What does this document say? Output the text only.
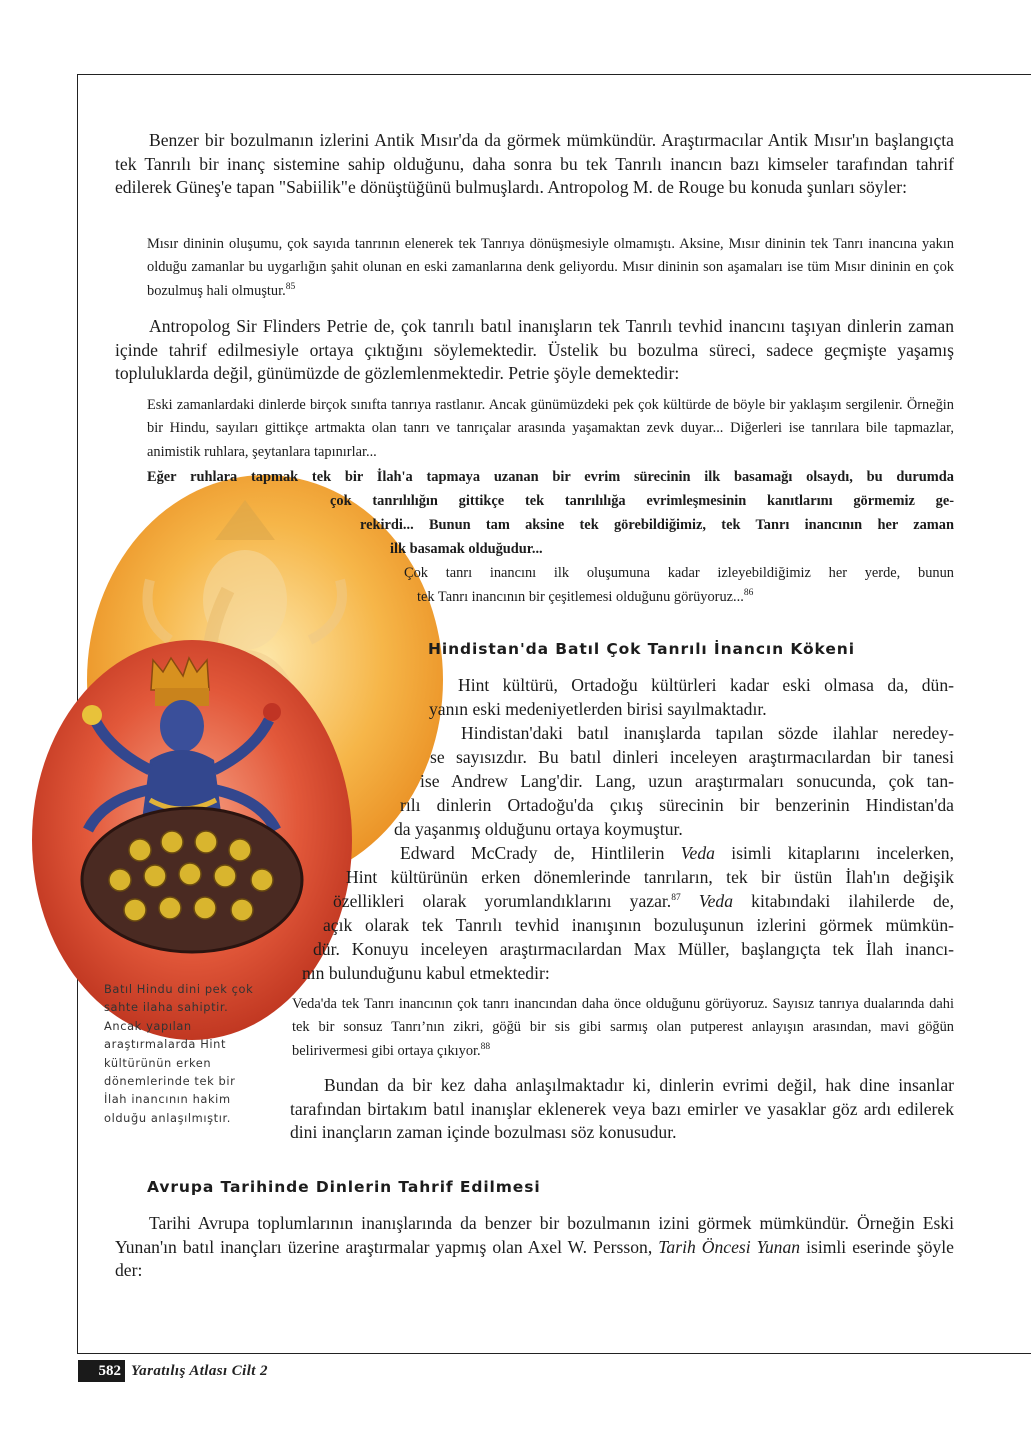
Benzer bir bozulmanın izlerini Antik Mısır'da da görmek mümkündür. Araştırmacılar Antik Mısır'ın başlangıçta tek Tanrılı bir inanç sistemine sahip olduğunu, daha sonra bu tek Tanrılı inancın bazı kimseler tarafından tahrif edilerek Güneş'e tapan "Sabiilik"e dönüştüğünü bulmuşlardı. Antropolog M. de Rouge bu konuda şunları söyler:

Mısır dininin oluşumu, çok sayıda tanrının elenerek tek Tanrıya dönüşmesiyle olmamıştı. Aksine, Mısır dininin tek Tanrı inancına yakın olduğu zamanlar bu uygarlığın şahit olunan en eski zamanlarına denk geliyordu. Mısır dininin son aşamaları ise tüm Mısır dininin en çok bozulmuş hali olmuştur.$^{85}$

Antropolog Sir Flinders Petrie de, çok tanrılı batıl inanışların tek Tanrılı tevhid inancını taşıyan dinlerin zaman içinde tahrif edilmesiyle ortaya çıktığını söylemektedir. Üstelik bu bozulma süreci, sadece geçmişte yaşamış topluluklarda değil, günümüzde de gözlemlenmektedir. Petrie şöyle demektedir:

Eski zamanlardaki dinlerde birçok sınıfta tanrıya rastlanır. Ancak günümüzdeki pek çok kültürde de böyle bir yaklaşım sergilenir. Örneğin bir Hindu, sayıları gittikçe artmakta olan tanrı ve tanrıçalar arasında yaşamaktan zevk duyar... Diğerleri ise tanrılara bile tapmazlar, animistik ruhlara, şeytanlara tapınırlar...

Eğer ruhlara tapmak tek bir İlah'a tapmaya uzanan bir evrim sürecinin ilk basamağı olsaydı, bu durumda

çok tanrılılığın gittikçe tek tanrılılığa evrimleşmesinin kanıtlarını görmemiz ge-

rekirdi... Bunun tam aksine tek görebildiğimiz, tek Tanrı inancının her zaman

ilk basamak olduğudur...

Çok tanrı inancını ilk oluşumuna kadar izleyebildiğimiz her yerde, bunun

tek Tanrı inancının bir çeşitlemesi olduğunu görüyoruz...$^{86}$

Hindistan'da Batıl Çok Tanrılı İnancın Kökeni

Hint kültürü, Ortadoğu kültürleri kadar eski olmasa da, dün-

yanın eski medeniyetlerden birisi sayılmaktadır.

Hindistan'daki batıl inanışlarda tapılan sözde ilahlar neredey-

se sayısızdır. Bu batıl dinleri inceleyen araştırmacılardan bir tanesi

ise Andrew Lang'dir. Lang, uzun araştırmaları sonucunda, çok tan-

rılı dinlerin Ortadoğu'da çıkış sürecinin bir benzerinin Hindistan'da

da yaşanmış olduğunu ortaya koymuştur.

Edward McCrady de, Hintlilerin Veda isimli kitaplarını incelerken,

Hint kültürünün erken dönemlerinde tanrıların, tek bir üstün İlah'ın değişik

özellikleri olarak yorumlandıklarını yazar.$^{87}$ Veda kitabındaki ilahilerde de,

açık olarak tek Tanrılı tevhid inanışının bozuluşunun izlerini görmek mümkün-

dür. Konuyu inceleyen araştırmacılardan Max Müller, başlangıçta tek İlah inancı-

nın bulunduğunu kabul etmektedir:

Veda'da tek Tanrı inancının çok tanrı inancından daha önce olduğunu görüyoruz. Sayısız tanrıya dualarında dahi tek bir sonsuz Tanrı’nın zikri, göğü bir sis gibi sarmış olan putperest anlayışın arasından, mavi göğün belirivermesi gibi ortaya çıkıyor.$^{88}$

Bundan da bir kez daha anlaşılmaktadır ki, dinlerin evrimi değil, hak dine insanlar tarafından birtakım batıl inanışlar eklenerek veya bazı emirler ve yasaklar göz ardı edilerek dini inançların zaman içinde bozulması söz konusudur.

Batıl Hindu dini pek çok sahte ilaha sahiptir. Ancak yapılan araştırmalarda Hint kültürünün erken dönemlerinde tek bir İlah inancının hakim olduğu anlaşılmıştır.

Avrupa Tarihinde Dinlerin Tahrif Edilmesi

Tarihi Avrupa toplumlarının inanışlarında da benzer bir bozulmanın izini görmek mümkündür. Örneğin Eski Yunan'ın batıl inançları üzerine araştırmalar yapmış olan Axel W. Persson, Tarih Öncesi Yunan isimli eserinde şöyle der:

582 Yaratılış Atlası Cilt 2
